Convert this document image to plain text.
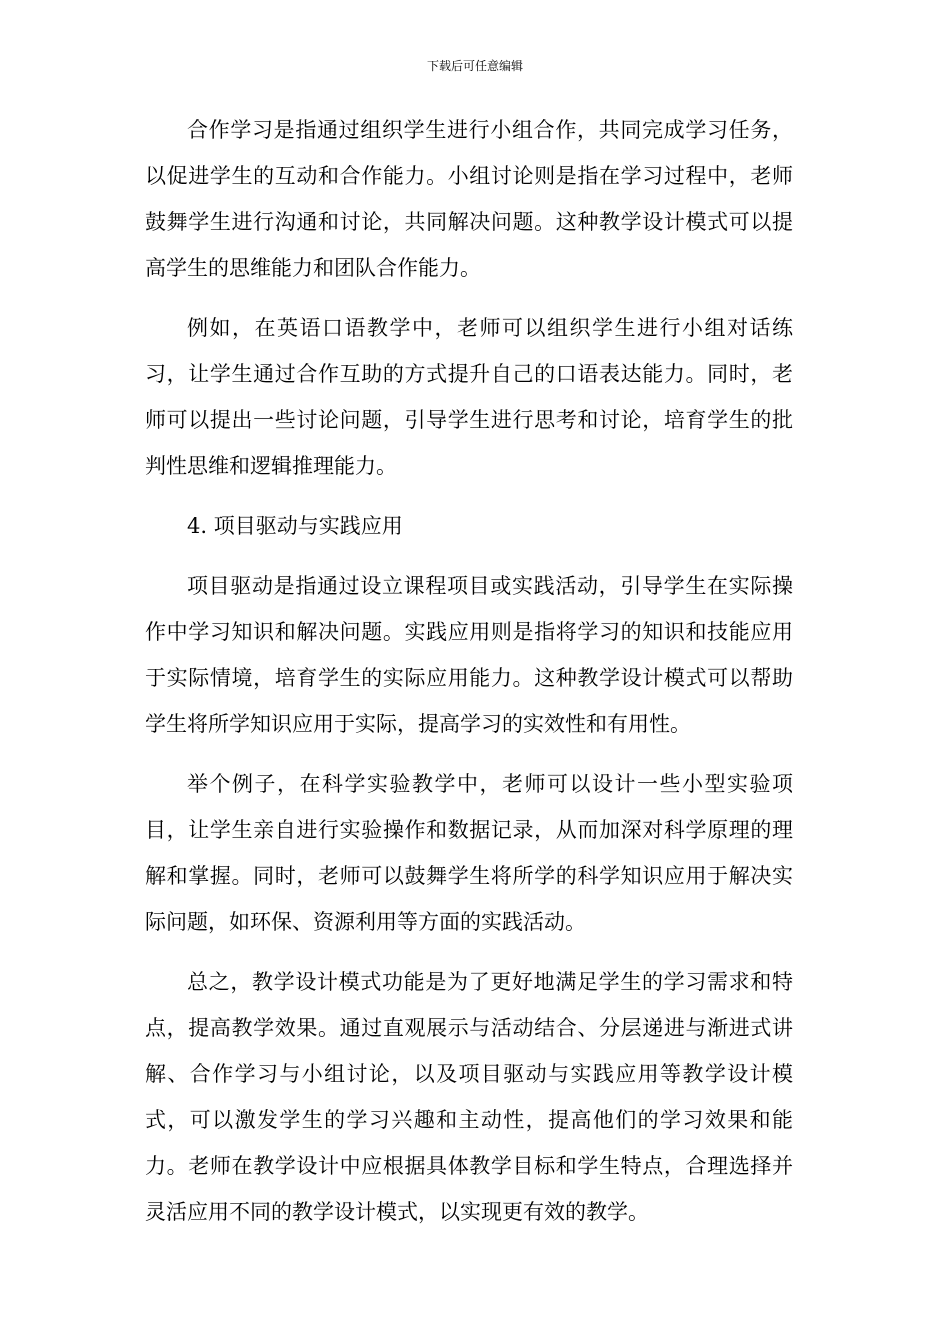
下载后可任意编辑

合作学习是指通过组织学生进行小组合作，共同完成学习任务，以促进学生的互动和合作能力。小组讨论则是指在学习过程中，老师鼓舞学生进行沟通和讨论，共同解决问题。这种教学设计模式可以提高学生的思维能力和团队合作能力。

例如，在英语口语教学中，老师可以组织学生进行小组对话练习，让学生通过合作互助的方式提升自己的口语表达能力。同时，老师可以提出一些讨论问题，引导学生进行思考和讨论，培育学生的批判性思维和逻辑推理能力。

4. 项目驱动与实践应用

项目驱动是指通过设立课程项目或实践活动，引导学生在实际操作中学习知识和解决问题。实践应用则是指将学习的知识和技能应用于实际情境，培育学生的实际应用能力。这种教学设计模式可以帮助学生将所学知识应用于实际，提高学习的实效性和有用性。

举个例子，在科学实验教学中，老师可以设计一些小型实验项目，让学生亲自进行实验操作和数据记录，从而加深对科学原理的理解和掌握。同时，老师可以鼓舞学生将所学的科学知识应用于解决实际问题，如环保、资源利用等方面的实践活动。

总之，教学设计模式功能是为了更好地满足学生的学习需求和特点，提高教学效果。通过直观展示与活动结合、分层递进与渐进式讲解、合作学习与小组讨论，以及项目驱动与实践应用等教学设计模式，可以激发学生的学习兴趣和主动性，提高他们的学习效果和能力。老师在教学设计中应根据具体教学目标和学生特点，合理选择并灵活应用不同的教学设计模式，以实现更有效的教学。
